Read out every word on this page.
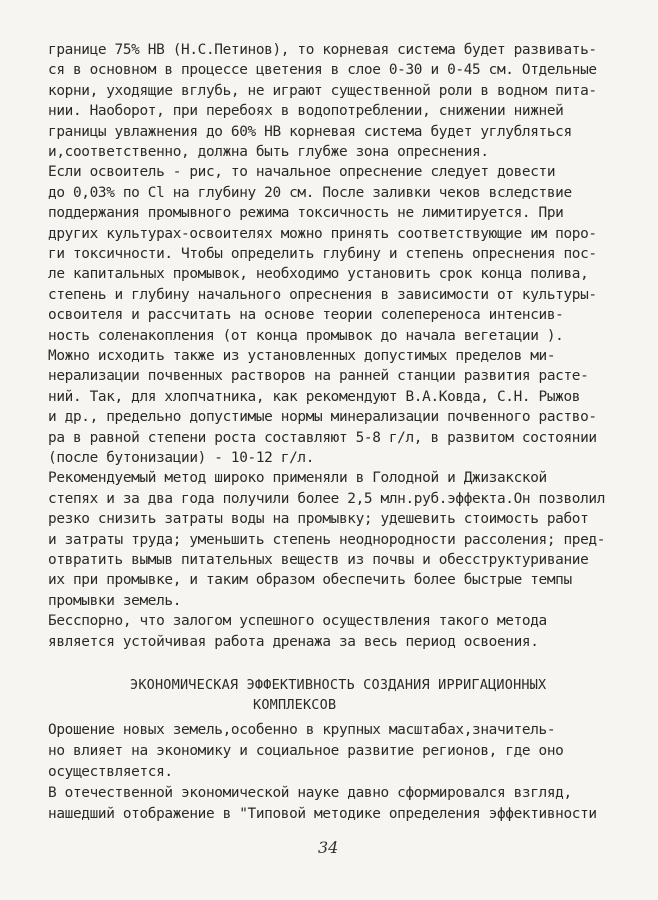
границе 75% НВ (Н.С.Петинов), то корневая система будет развивать-
ся в основном в процессе цветения в слое 0-30 и 0-45 см. Отдельные
корни, уходящие вглубь, не играют существенной роли в водном пита-
нии. Наоборот, при перебоях в водопотреблении, снижении нижней
границы увлажнения до 60% НВ корневая система будет углубляться
и,соответственно, должна быть глубже зона опреснения.
Если освоитель - рис, то начальное опреснение следует довести
до 0,03% по Cl на глубину 20 см. После заливки чеков вследствие
поддержания промывного режима токсичность не лимитируется. При
других культурах-освоителях можно принять соответствующие им поро-
ги токсичности. Чтобы определить глубину и степень опреснения пос-
ле капитальных промывок, необходимо установить срок конца полива,
степень и глубину начального опреснения в зависимости от культуры-
освоителя и рассчитать на основе теории солепереноса интенсив-
ность соленакопления (от конца промывок до начала вегетации ).
Можно исходить также из установленных допустимых пределов ми-
нерализации почвенных растворов на ранней станции развития расте-
ний. Так, для хлопчатника, как рекомендуют В.А.Ковда, С.Н. Рыжов
и др., предельно допустимые нормы минерализации почвенного раство-
ра в равной степени роста составляют 5-8 г/л, в развитом состоянии
(после бутонизации) - 10-12 г/л.
Рекомендуемый метод широко применяли в Голодной и Джизакской
степях и за два года получили более 2,5 млн.руб.эффекта.Он позволил
резко снизить затраты воды на промывку; удешевить стоимость работ
и затраты труда; уменьшить степень неоднородности рассоления; пред-
отвратить вымыв питательных веществ из почвы и обесструктуривание
их при промывке, и таким образом обеспечить более быстрые темпы
промывки земель.
Бесспорно, что залогом успешного осуществления такого метода
является устойчивая работа дренажа за весь период освоения.
ЭКОНОМИЧЕСКАЯ ЭФФЕКТИВНОСТЬ СОЗДАНИЯ ИРРИГАЦИОННЫХ
КОМПЛЕКСОВ
Орошение новых земель,особенно в крупных масштабах,значитель-
но влияет на экономику и социальное развитие регионов, где оно
осуществляется.
В отечественной экономической науке давно сформировался взгляд,
нашедший отображение в "Типовой методике определения эффективности
34
